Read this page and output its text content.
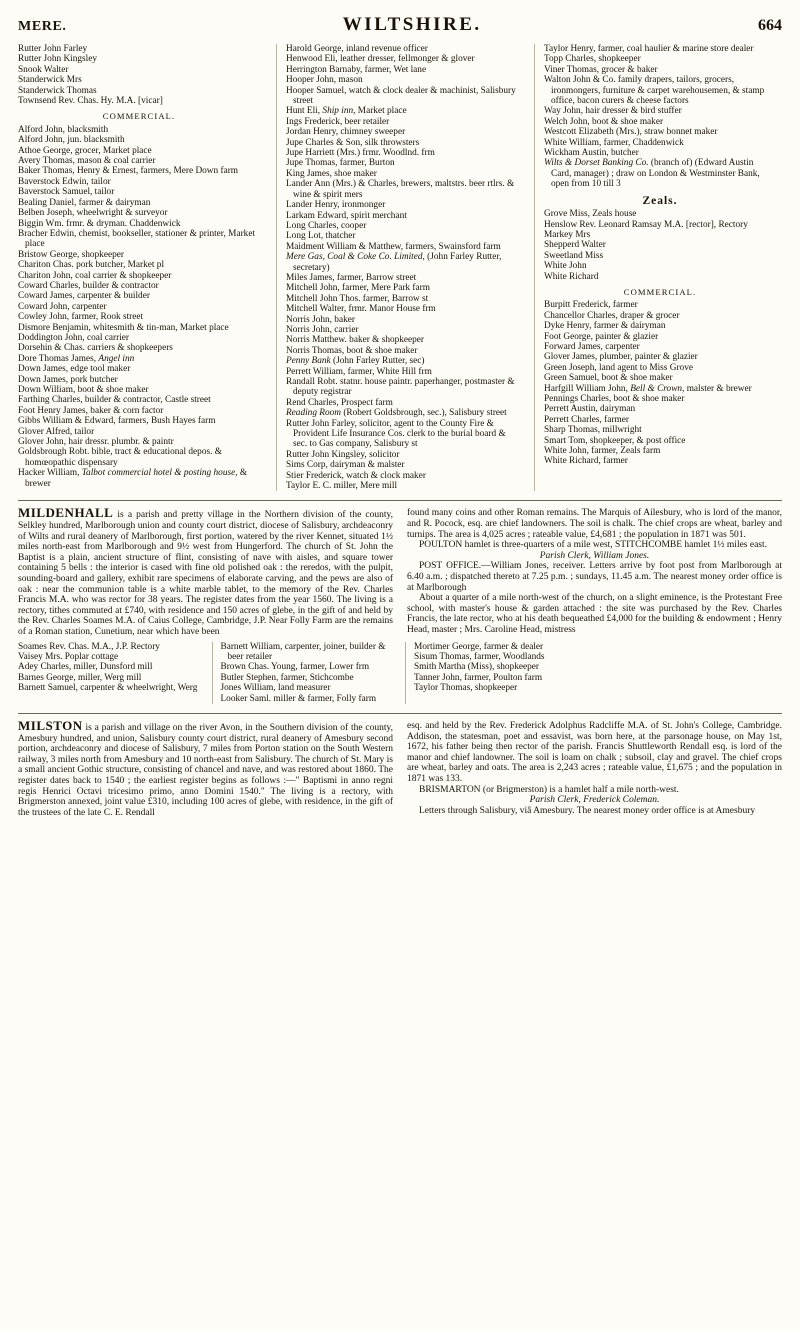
MERE.	WILTSHIRE.	664

Rutter John Farley

Rutter John Kingsley

Snook Walter

Standerwick Mrs

Standerwick Thomas

Townsend Rev. Chas. Hy. M.A. [vicar]

COMMERCIAL.

Alford John, blacksmith

Alford John, jun. blacksmith

Athoe George, grocer, Market place

Avery Thomas, mason & coal carrier

Baker Thomas, Henry & Ernest, farmers, Mere Down farm

Baverstock Edwin, tailor

Baverstock Samuel, tailor

Bealing Daniel, farmer & dairyman

Belben Joseph, wheelwright & surveyor

Biggin Wm. frmr. & dryman. Chaddenwick

Bracher Edwin, chemist, bookseller, stationer & printer, Market place

Bristow George, shopkeeper

Chariton Chas. pork butcher, Market pl

Chariton John, coal carrier & shopkeeper

Coward Charles, builder & contractor

Coward James, carpenter & builder

Coward John, carpenter

Cowley John, farmer, Rook street

Dismore Benjamin, whitesmith & tin-man, Market place

Doddington John, coal carrier

Dorsehin & Chas. carriers & shopkeepers

Dore Thomas James, Angel inn

Down James, edge tool maker

Down James, pork butcher

Down William, boot & shoe maker

Farthing Charles, builder & contractor, Castle street

Foot Henry James, baker & corn factor

Gibbs William & Edward, farmers, Bush Hayes farm

Glover Alfred, tailor

Glover John, hair dressr. plumbr. & paintr

Goldsbrough Robt. bible, tract & educational depos. & homœopathic dispensary

Hacker William, Talbot commercial hotel & posting house, & brewer

Harold George, inland revenue officer

Henwood Eli, leather dresser, fellmonger & glover

Herrington Barnaby, farmer, Wet lane

Hooper John, mason

Hooper Samuel, watch & clock dealer & machinist, Salisbury street

Hunt Eli, Ship inn, Market place

Ings Frederick, beer retailer

Jordan Henry, chimney sweeper

Jupe Charles & Son, silk throwsters

Jupe Harriett (Mrs.) frmr. Woodlnd. frm

Jupe Thomas, farmer, Burton

King James, shoe maker

Lander Ann (Mrs.) & Charles, brewers, maltstrs. beer rtlrs. & wine & spirit mers

Lander Henry, ironmonger

Larkam Edward, spirit merchant

Long Charles, cooper

Long Lot, thatcher

Maidment William & Matthew, farmers, Swainsford farm

Mere Gas, Coal & Coke Co. Limited, (John Farley Rutter, secretary)

Miles James, farmer, Barrow street

Mitchell John, farmer, Mere Park farm

Mitchell John Thos. farmer, Barrow st

Mitchell Walter, frmr. Manor House frm

Norris John, baker

Norris John, carrier

Norris Matthew. baker & shopkeeper

Norris Thomas, boot & shoe maker

Penny Bank (John Farley Rutter, sec)

Perrett William, farmer, White Hill frm

Randall Robt. statnr. house paintr. paperhanger, postmaster & deputy registrar

Rend Charles, Prospect farm

Reading Room (Robert Goldsbrough, sec.), Salisbury street

Rutter John Farley, solicitor, agent to the County Fire & Provident Life Insurance Cos. clerk to the burial board & sec. to Gas company, Salisbury st

Rutter John Kingsley, solicitor

Sims Corp, dairyman & malster

Stier Frederick, watch & clock maker

Taylor E. C. miller, Mere mill

Taylor Henry, farmer, coal haulier & marine store dealer

Topp Charles, shopkeeper

Viner Thomas, grocer & baker

Walton John & Co. family drapers, tailors, grocers, ironmongers, furniture & carpet warehousemen, & stamp office, bacon curers & cheese factors

Way John, hair dresser & bird stuffer

Welch John, boot & shoe maker

Westcott Elizabeth (Mrs.), straw bonnet maker

White William, farmer, Chaddenwick

Wickham Austin, butcher

Wilts & Dorset Banking Co. (branch of) (Edward Austin Card, manager) ; draw on London & Westminster Bank, open from 10 till 3

Zeals.

Grove Miss, Zeals house

Henslow Rev. Leonard Ramsay M.A. [rector], Rectory

Markey Mrs

Shepperd Walter

Sweetland Miss

White John

White Richard

COMMERCIAL.

Burpitt Frederick, farmer

Chancellor Charles, draper & grocer

Dyke Henry, farmer & dairyman

Foot George, painter & glazier

Forward James, carpenter

Glover James, plumber, painter & glazier

Green Joseph, land agent to Miss Grove

Green Samuel, boot & shoe maker

Harfgill William John, Bell & Crown, malster & brewer

Pennings Charles, boot & shoe maker

Perrett Austin, dairyman

Perrett Charles, farmer

Sharp Thomas, millwright

Smart Tom, shopkeeper, & post office

White John, farmer, Zeals farm

White Richard, farmer

MILDENHALL is a parish and pretty village in the Northern division of the county, Selkley hundred, Marlborough union and county court district, diocese of Salisbury, archdeaconry of Wilts and rural deanery of Marlborough, first portion, watered by the river Kennet, situated 1½ miles north-east from Marlborough and 9½ west from Hungerford. The church of St. John the Baptist is a plain, ancient structure of flint, consisting of nave with aisles, and square tower containing 5 bells : the interior is cased with fine old polished oak : the reredos, with the pulpit, sounding-board and gallery, exhibit rare specimens of elaborate carving, and the pews are also of oak : near the communion table is a white marble tablet, to the memory of the Rev. Charles Francis M.A. who was rector for 38 years. The register dates from the year 1560. The living is a rectory, tithes commuted at £740, with residence and 150 acres of glebe, in the gift of and held by the Rev. Charles Soames M.A. of Caius College, Cambridge, J.P. Near Folly Farm are the remains of a Roman station, Cunetium, near which have been

found many coins and other Roman remains. The Marquis of Ailesbury, who is lord of the manor, and R. Pocock, esq. are chief landowners. The soil is chalk. The chief crops are wheat, barley and turnips. The area is 4,025 acres ; rateable value, £4,681 ; the population in 1871 was 501.

POULTON hamlet is three-quarters of a mile west, STITCHCOMBE hamlet 1½ miles east.

Parish Clerk, William Jones.

POST OFFICE.—William Jones, receiver. Letters arrive by foot post from Marlborough at 6.40 a.m. ; dispatched thereto at 7.25 p.m. ; sundays, 11.45 a.m. The nearest money order office is at Marlborough

About a quarter of a mile north-west of the church, on a slight eminence, is the Protestant Free school, with master's house & garden attached : the site was purchased by the Rev. Charles Francis, the late rector, who at his death bequeathed £4,000 for the building & endowment ; Henry Head, master ; Mrs. Caroline Head, mistress

Soames Rev. Chas. M.A., J.P. Rectory

Vaisey Mrs. Poplar cottage

Adey Charles, miller, Dunsford mill

Barnes George, miller, Werg mill

Barnett Samuel, carpenter & wheelwright, Werg

Barnett William, carpenter, joiner, builder & beer retailer

Brown Chas. Young, farmer, Lower frm

Butler Stephen, farmer, Stichcombe

Jones William, land measurer

Looker Saml. miller & farmer, Folly farm

Mortimer George, farmer & dealer

Sisum Thomas, farmer, Woodlands

Smith Martha (Miss), shopkeeper

Tanner John, farmer, Poulton farm

Taylor Thomas, shopkeeper

MILSTON is a parish and village on the river Avon, in the Southern division of the county, Amesbury hundred, and union, Salisbury county court district, rural deanery of Amesbury second portion, archdeaconry and diocese of Salisbury, 7 miles from Porton station on the South Western railway, 3 miles north from Amesbury and 10 north-east from Salisbury. The church of St. Mary is a small ancient Gothic structure, consisting of chancel and nave, and was restored about 1860. The register dates back to 1540 ; the earliest register begins as follows :—" Baptismi in anno regni regis Henrici Octavi tricesimo primo, anno Domini 1540." The living is a rectory, with Brigmerston annexed, joint value £310, including 100 acres of glebe, with residence, in the gift of the trustees of the late C. E. Rendall

esq. and held by the Rev. Frederick Adolphus Radcliffe M.A. of St. John's College, Cambridge. Addison, the statesman, poet and essavist, was born here, at the parsonage house, on May 1st, 1672, his father being then rector of the parish. Francis Shuttleworth Rendall esq. is lord of the manor and chief landowner. The soil is loam on chalk ; subsoil, clay and gravel. The chief crops are wheat, barley and oats. The area is 2,243 acres ; rateable value, £1,675 ; and the population in 1871 was 133.

BRISMARTON (or Brigmerston) is a hamlet half a mile north-west.

Parish Clerk, Frederick Coleman.

Letters through Salisbury, viâ Amesbury. The nearest money order office is at Amesbury
